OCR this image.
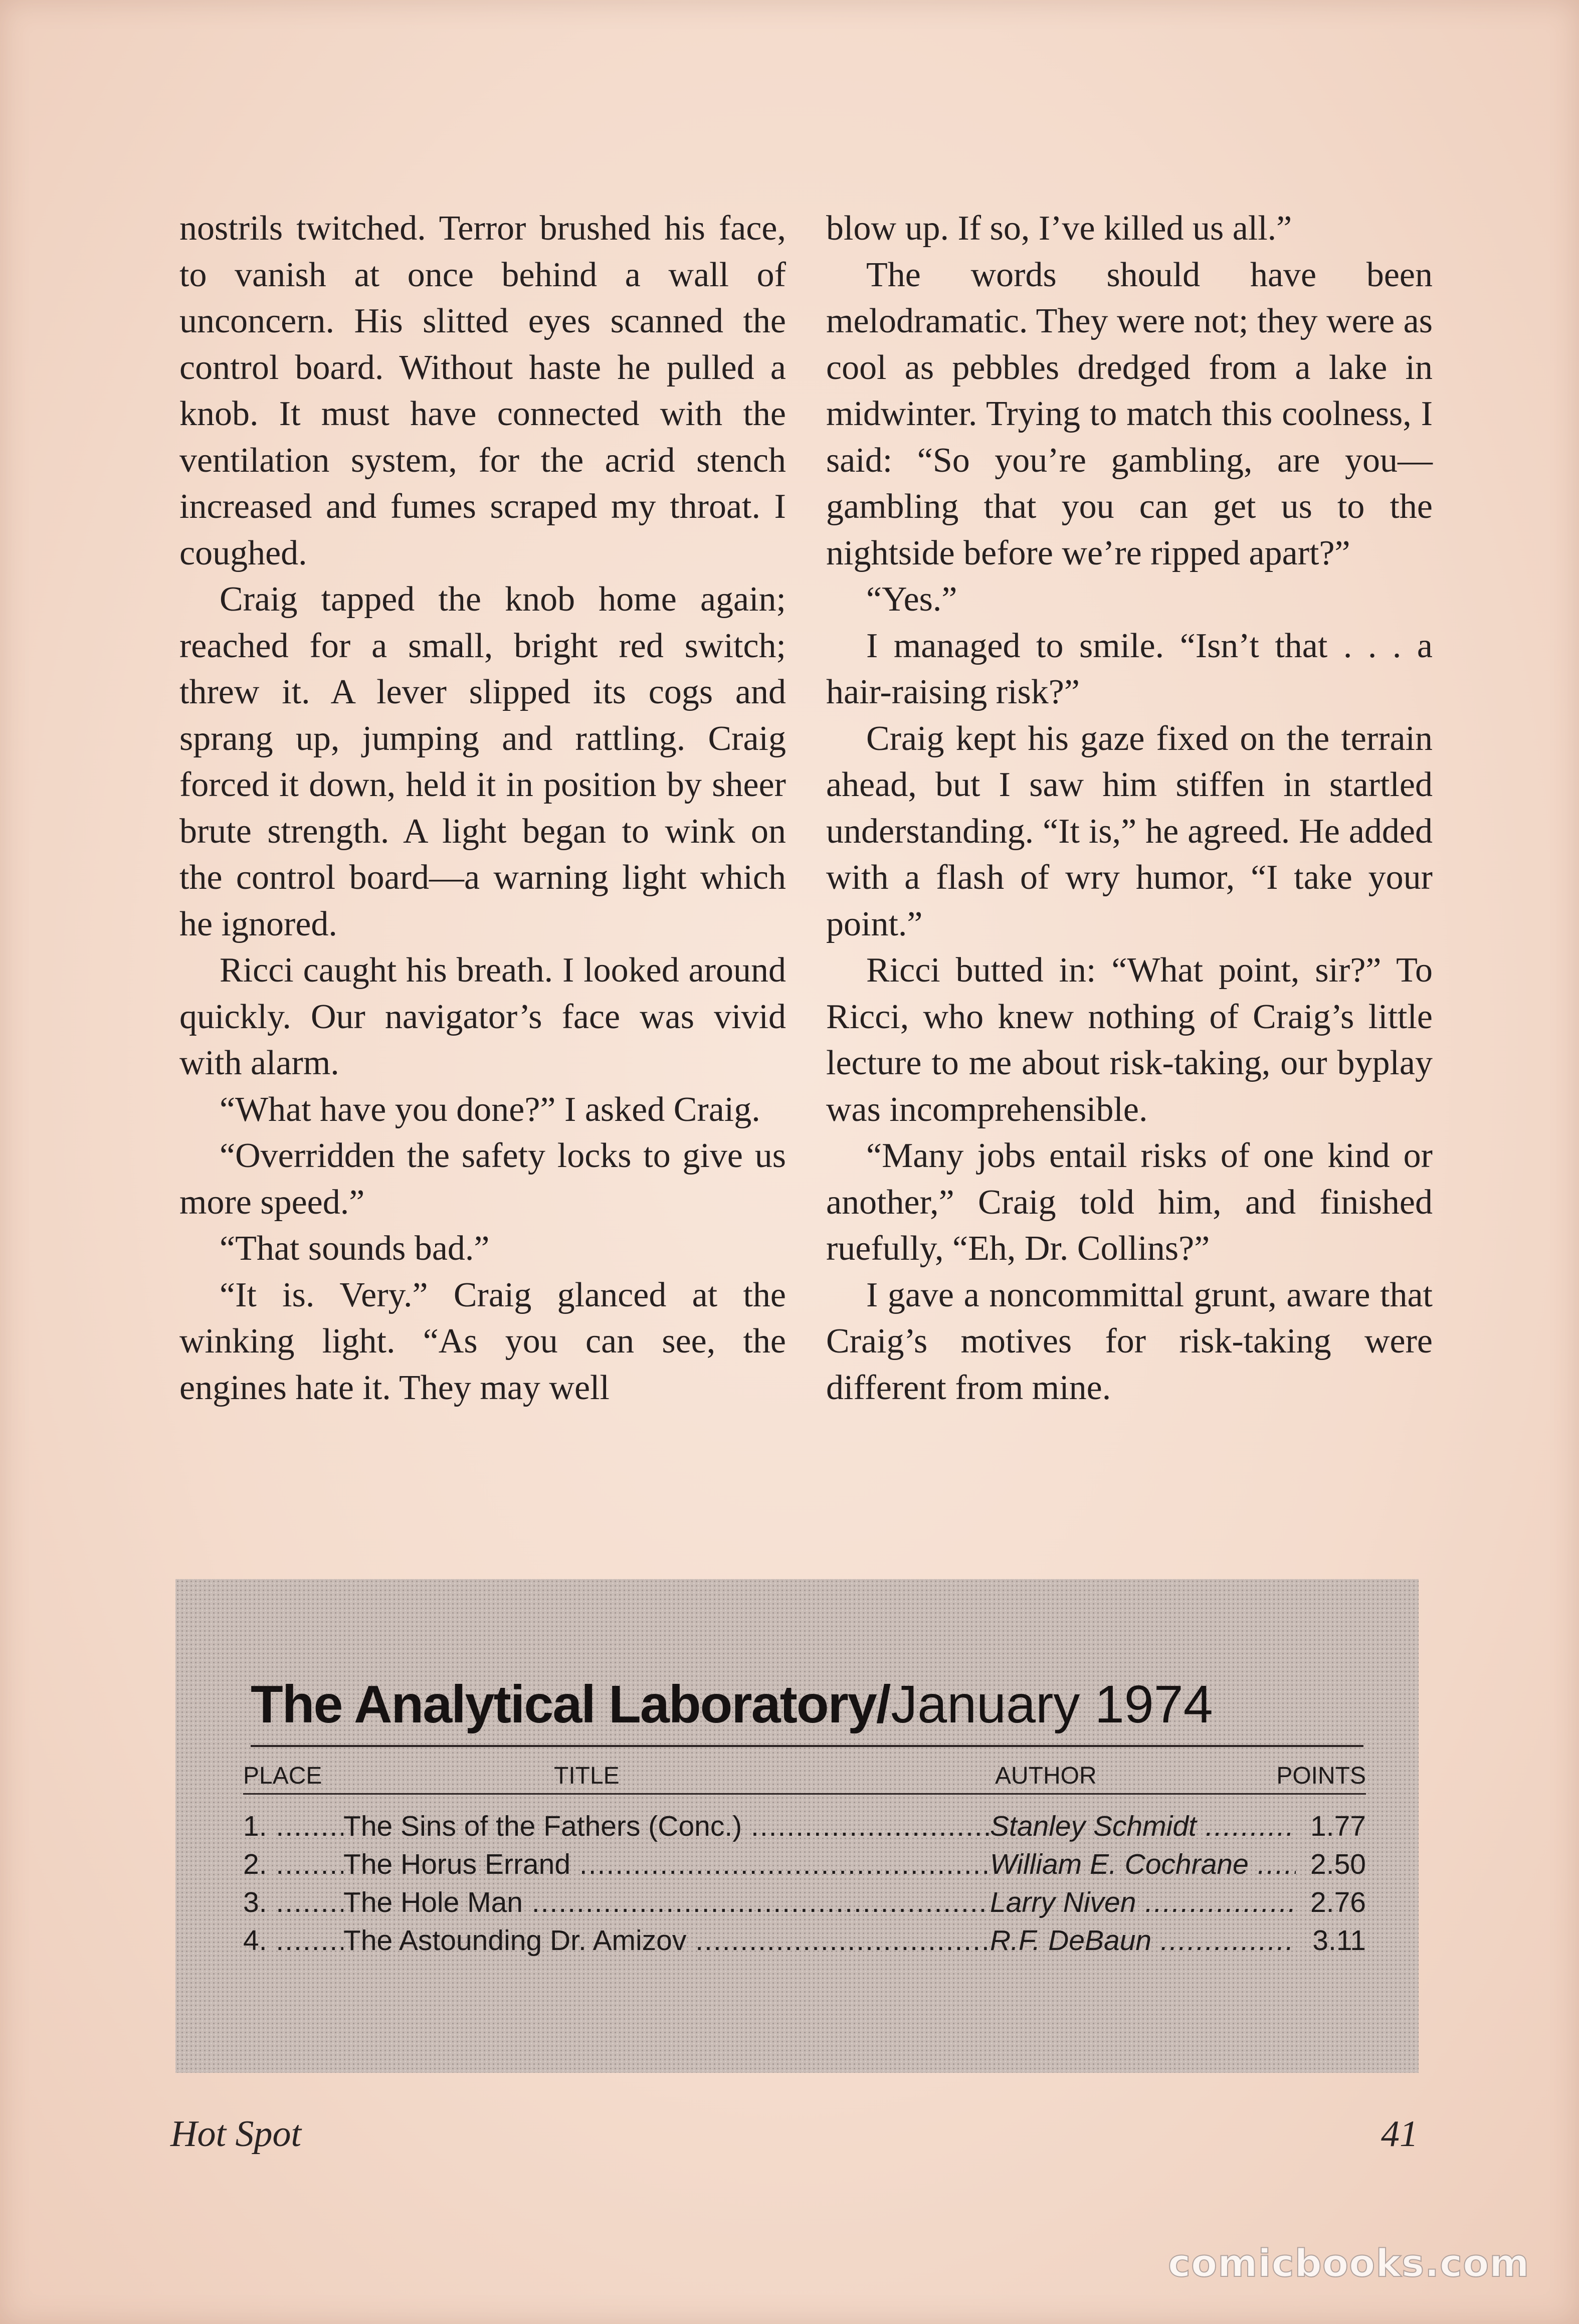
nostrils twitched. Terror brushed his face, to vanish at once behind a wall of unconcern. His slitted eyes scanned the control board. Without haste he pulled a knob. It must have connected with the ventilation system, for the acrid stench increased and fumes scraped my throat. I coughed.

Craig tapped the knob home again; reached for a small, bright red switch; threw it. A lever slipped its cogs and sprang up, jumping and rattling. Craig forced it down, held it in position by sheer brute strength. A light began to wink on the control board—a warning light which he ignored.

Ricci caught his breath. I looked around quickly. Our navigator’s face was vivid with alarm.

“What have you done?” I asked Craig.

“Overridden the safety locks to give us more speed.”

“That sounds bad.”

“It is. Very.” Craig glanced at the winking light. “As you can see, the engines hate it. They may well

blow up. If so, I’ve killed us all.”

The words should have been melodramatic. They were not; they were as cool as pebbles dredged from a lake in midwinter. Trying to match this coolness, I said: “So you’re gambling, are you—gambling that you can get us to the nightside before we’re ripped apart?”

“Yes.”

I managed to smile. “Isn’t that . . . a hair-raising risk?”

Craig kept his gaze fixed on the terrain ahead, but I saw him stiffen in startled understanding. “It is,” he agreed. He added with a flash of wry humor, “I take your point.”

Ricci butted in: “What point, sir?” To Ricci, who knew nothing of Craig’s little lecture to me about risk-taking, our byplay was incomprehensible.

“Many jobs entail risks of one kind or another,” Craig told him, and finished ruefully, “Eh, Dr. Collins?”

I gave a noncommittal grunt, aware that Craig’s motives for risk-taking were different from mine.

The Analytical Laboratory/January 1974
PLACE	TITLE	AUTHOR	POINTS
1. .....	The Sins of the Fathers (Conc.) .....	Stanley Schmidt .....	1.77
2. .....	The Horus Errand .....	William E. Cochrane .....	2.50
3. .....	The Hole Man .....	Larry Niven .....	2.76
4. .....	The Astounding Dr. Amizov .....	R.F. DeBaun .....	3.11
Hot Spot	41
comicbooks.com
